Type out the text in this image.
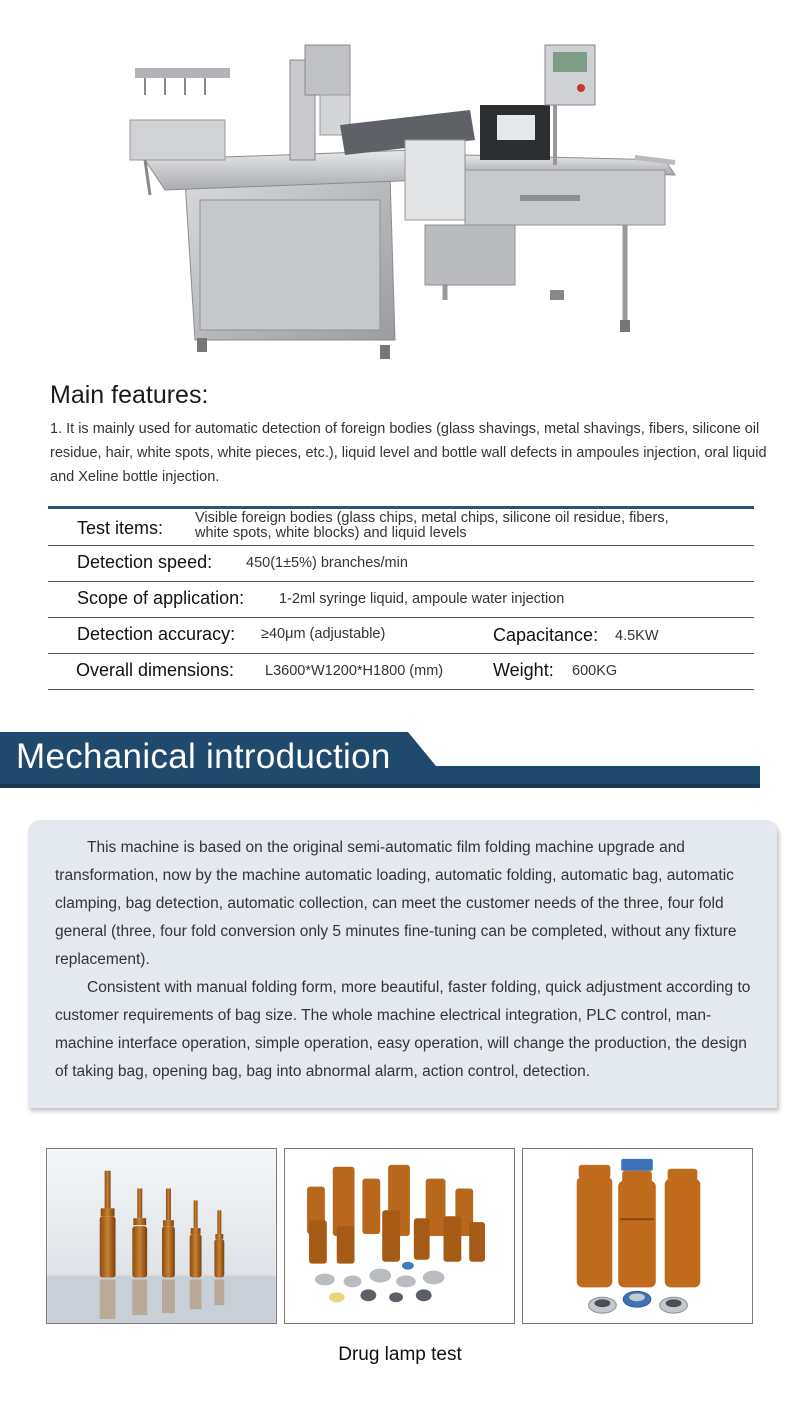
Main features:
1. It is mainly used for automatic detection of foreign bodies (glass shavings, metal shavings, fibers, silicone oil residue, hair, white spots, white pieces, etc.), liquid level and bottle wall defects in ampoules injection, oral liquid and Xeline bottle injection.
Test items: Visible foreign bodies (glass chips, metal chips, silicone oil residue, fibers, white spots, white blocks) and liquid levels
Detection speed: 450(1±5%) branches/min
Scope of application: 1-2ml syringe liquid, ampoule water injection
Detection accuracy: ≥40μm (adjustable)	Capacitance: 4.5KW
Overall dimensions: L3600*W1200*H1800 (mm)	Weight: 600KG
Mechanical introduction

This machine is based on the original semi-automatic film folding machine upgrade and transformation, now by the machine automatic loading, automatic folding, automatic bag, automatic clamping, bag detection, automatic collection, can meet the customer needs of the three, four fold general (three, four fold conversion only 5 minutes fine-tuning can be completed, without any fixture replacement).

Consistent with manual folding form, more beautiful, faster folding, quick adjustment according to customer requirements of bag size. The whole machine electrical integration, PLC control, man-machine interface operation, simple operation, easy operation, will change the production, the design of taking bag, opening bag, bag into abnormal alarm, action control, detection.

Drug lamp test
